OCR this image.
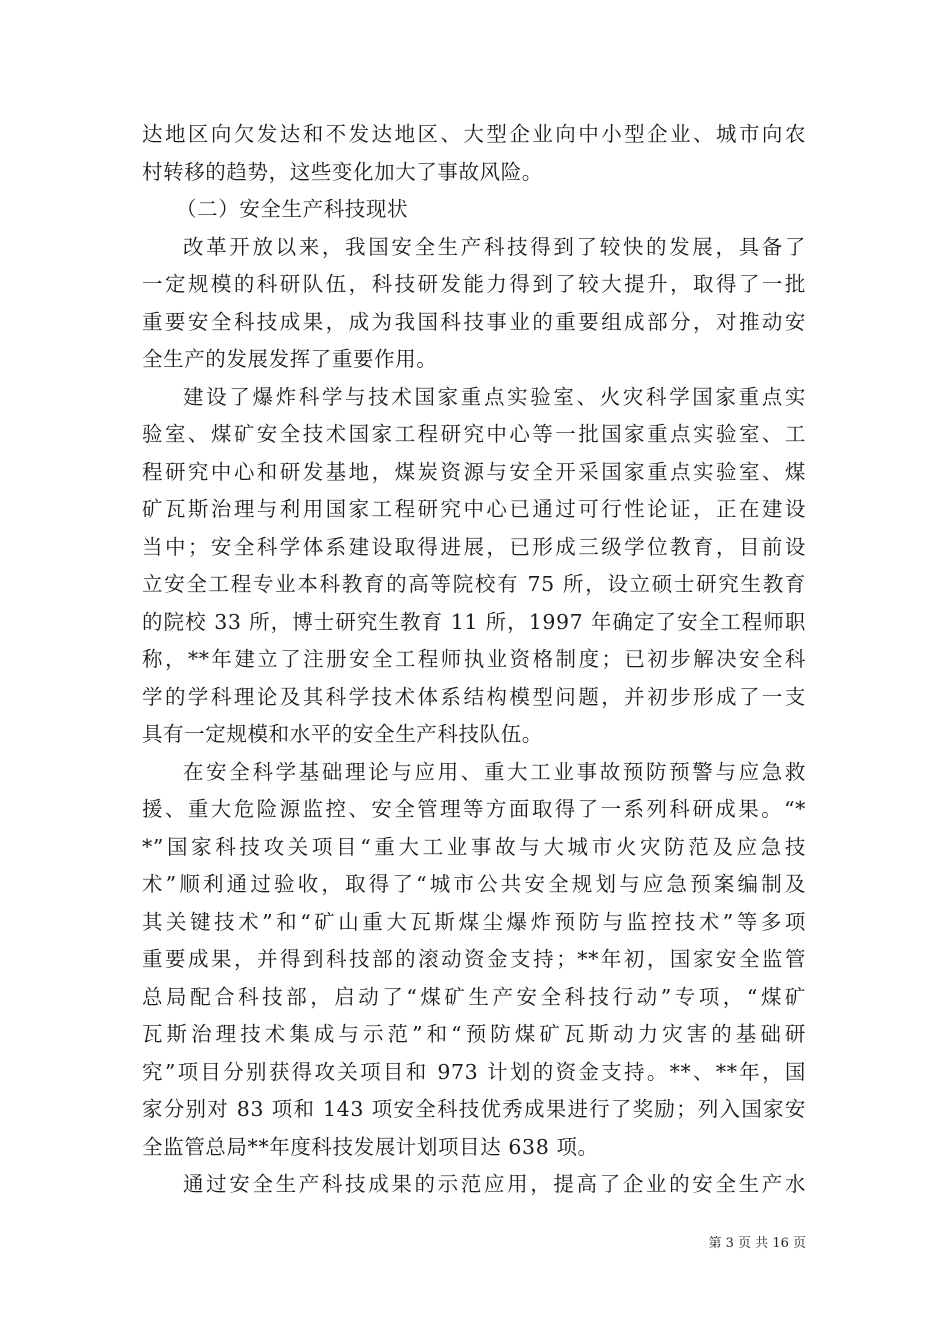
达地区向欠发达和不发达地区、大型企业向中小型企业、城市向农
村转移的趋势，这些变化加大了事故风险。
（二）安全生产科技现状
改革开放以来，我国安全生产科技得到了较快的发展，具备了
一定规模的科研队伍，科技研发能力得到了较大提升，取得了一批
重要安全科技成果，成为我国科技事业的重要组成部分，对推动安
全生产的发展发挥了重要作用。
建设了爆炸科学与技术国家重点实验室、火灾科学国家重点实
验室、煤矿安全技术国家工程研究中心等一批国家重点实验室、工
程研究中心和研发基地，煤炭资源与安全开采国家重点实验室、煤
矿瓦斯治理与利用国家工程研究中心已通过可行性论证，正在建设
当中；安全科学体系建设取得进展，已形成三级学位教育，目前设
立安全工程专业本科教育的高等院校有 75 所，设立硕士研究生教育
的院校 33 所，博士研究生教育 11 所，1997 年确定了安全工程师职
称，**年建立了注册安全工程师执业资格制度；已初步解决安全科
学的学科理论及其科学技术体系结构模型问题，并初步形成了一支
具有一定规模和水平的安全生产科技队伍。
在安全科学基础理论与应用、重大工业事故预防预警与应急救
援、重大危险源监控、安全管理等方面取得了一系列科研成果。“*
*”国家科技攻关项目“重大工业事故与大城市火灾防范及应急技
术”顺利通过验收，取得了“城市公共安全规划与应急预案编制及
其关键技术”和“矿山重大瓦斯煤尘爆炸预防与监控技术”等多项
重要成果，并得到科技部的滚动资金支持；**年初，国家安全监管
总局配合科技部，启动了“煤矿生产安全科技行动”专项，“煤矿
瓦斯治理技术集成与示范”和“预防煤矿瓦斯动力灾害的基础研
究”项目分别获得攻关项目和 973 计划的资金支持。**、**年，国
家分别对 83 项和 143 项安全科技优秀成果进行了奖励；列入国家安
全监管总局**年度科技发展计划项目达 638 项。
通过安全生产科技成果的示范应用，提高了企业的安全生产水
第 3 页 共 16 页
